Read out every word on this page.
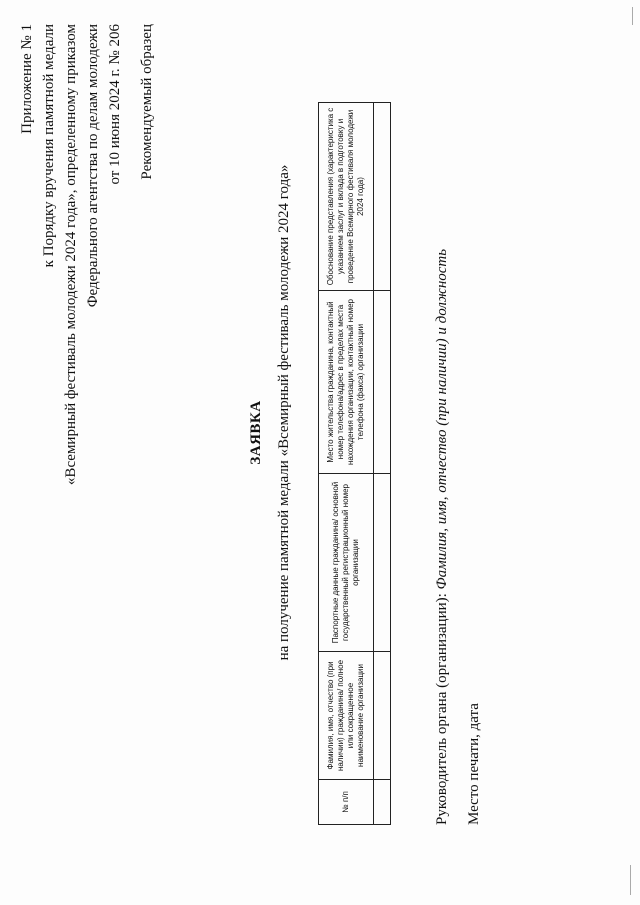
Приложение № 1 к Порядку вручения памятной медали «Всемирный фестиваль молодежи 2024 года», определенному приказом Федерального агентства по делам молодежи от 10 июня 2024 г. № 206 Рекомендуемый образец
ЗАЯВКА на получение памятной медали «Всемирный фестиваль молодежи 2024 года»
№ п/п	Фамилия, имя, отчество (при наличии) гражданина/ полное или сокращенное наименование организации	Паспортные данные гражданина/ основной государственный регистрационный номер организации	Место жительства гражданина, контактный номер телефона/адрес в пределах места нахождения организации, контактный номер телефона (факса) организации	Обоснование представления (характеристика с указанием заслуг и вклада в подготовку и проведение Всемирного фестиваля молодежи 2024 года)

Руководитель органа (организации): Фамилия, имя, отчество (при наличии) и должность
Место печати, дата
